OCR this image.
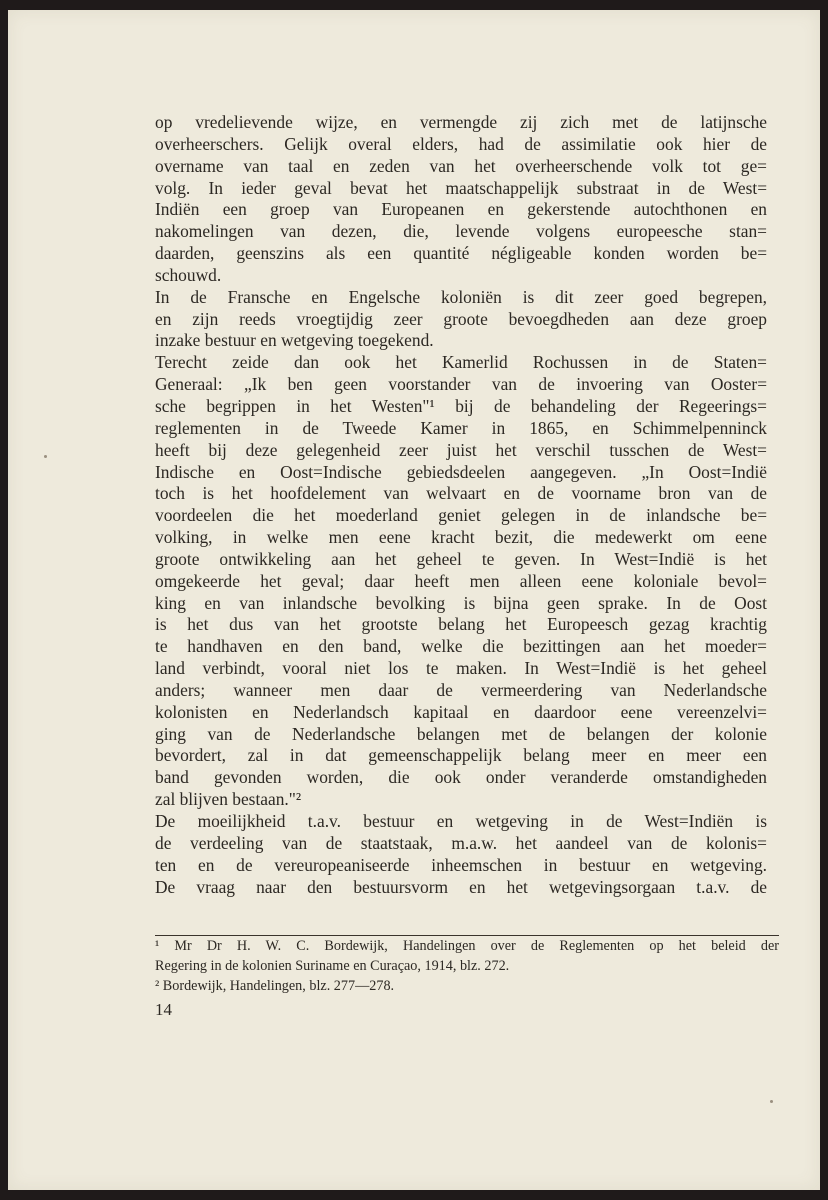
op vredelievende wijze, en vermengde zij zich met de latijnsche
overheerschers. Gelijk overal elders, had de assimilatie ook hier de
overname van taal en zeden van het overheerschende volk tot ge=
volg. In ieder geval bevat het maatschappelijk substraat in de West=
Indiën een groep van Europeanen en gekerstende autochthonen en
nakomelingen van dezen, die, levende volgens europeesche stan=
daarden, geenszins als een quantité négligeable konden worden be=
schouwd.
In de Fransche en Engelsche koloniën is dit zeer goed begrepen,
en zijn reeds vroegtijdig zeer groote bevoegdheden aan deze groep
inzake bestuur en wetgeving toegekend.
Terecht zeide dan ook het Kamerlid Rochussen in de Staten=
Generaal: „Ik ben geen voorstander van de invoering van Ooster=
sche begrippen in het Westen"¹ bij de behandeling der Regeerings=
reglementen in de Tweede Kamer in 1865, en Schimmelpenninck
heeft bij deze gelegenheid zeer juist het verschil tusschen de West=
Indische en Oost=Indische gebiedsdeelen aangegeven. „In Oost=Indië
toch is het hoofdelement van welvaart en de voorname bron van de
voordeelen die het moederland geniet gelegen in de inlandsche be=
volking, in welke men eene kracht bezit, die medewerkt om eene
groote ontwikkeling aan het geheel te geven. In West=Indië is het
omgekeerde het geval; daar heeft men alleen eene koloniale bevol=
king en van inlandsche bevolking is bijna geen sprake. In de Oost
is het dus van het grootste belang het Europeesch gezag krachtig
te handhaven en den band, welke die bezittingen aan het moeder=
land verbindt, vooral niet los te maken. In West=Indië is het geheel
anders; wanneer men daar de vermeerdering van Nederlandsche
kolonisten en Nederlandsch kapitaal en daardoor eene vereenzelvi=
ging van de Nederlandsche belangen met de belangen der kolonie
bevordert, zal in dat gemeenschappelijk belang meer en meer een
band gevonden worden, die ook onder veranderde omstandigheden
zal blijven bestaan."²
De moeilijkheid t.a.v. bestuur en wetgeving in de West=Indiën is
de verdeeling van de staatstaak, m.a.w. het aandeel van de kolonis=
ten en de vereuropeaniseerde inheemschen in bestuur en wetgeving.
De vraag naar den bestuursvorm en het wetgevingsorgaan t.a.v. de
¹ Mr Dr H. W. C. Bordewijk, Handelingen over de Reglementen op het beleid der
Regering in de kolonien Suriname en Curaçao, 1914, blz. 272.
² Bordewijk, Handelingen, blz. 277—278.
14
